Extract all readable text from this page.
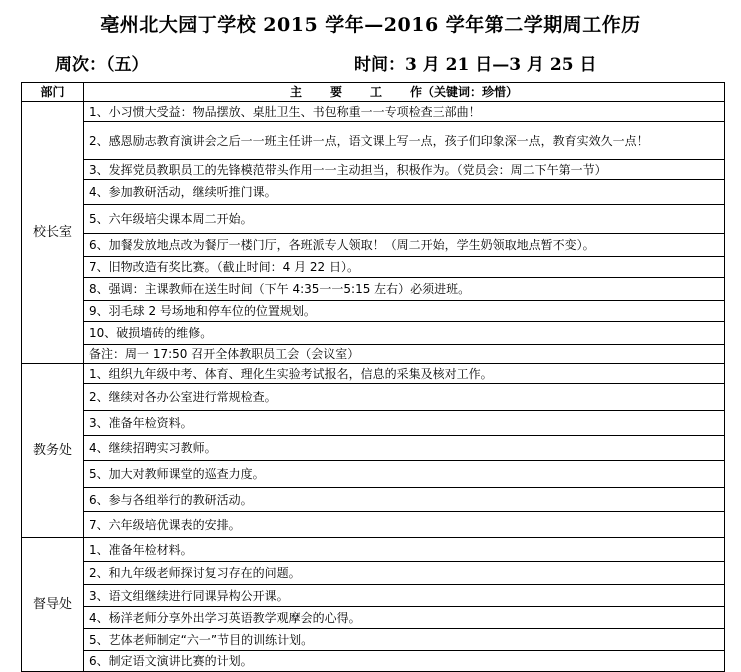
亳州北大园丁学校 2015 学年—2016 学年第二学期周工作历
周次：（五）	时间：3 月 21 日—3 月 25 日
部门	主 要 工 作（关键词：珍惜）
校长室	1、小习惯大受益：物品摆放、桌肚卫生、书包称重一一专项检查三部曲！
	2、感恩励志教育演讲会之后一一班主任讲一点，语文课上写一点，孩子们印象深一点，教育实效久一点！
	3、发挥党员教职员工的先锋模范带头作用一一主动担当，积极作为。（党员会：周二下午第一节）
	4、参加教研活动，继续听推门课。
	5、六年级培尖课本周二开始。
	6、加餐发放地点改为餐厅一楼门厅，各班派专人领取！（周二开始，学生奶领取地点暂不变）。
	7、旧物改造有奖比赛。（截止时间：4 月 22 日）。
	8、强调：主课教师在送生时间（下午 4:35一一5:15 左右）必须进班。
	9、羽毛球 2 号场地和停车位的位置规划。
	10、破损墙砖的维修。
	备注：周一 17:50 召开全体教职员工会（会议室）
教务处	1、组织九年级中考、体育、理化生实验考试报名，信息的采集及核对工作。
	2、继续对各办公室进行常规检查。
	3、准备年检资料。
	4、继续招聘实习教师。
	5、加大对教师课堂的巡查力度。
	6、参与各组举行的教研活动。
	7、六年级培优课表的安排。
督导处	1、准备年检材料。
	2、和九年级老师探讨复习存在的问题。
	3、语文组继续进行同课异构公开课。
	4、杨洋老师分享外出学习英语教学观摩会的心得。
	5、艺体老师制定“六一”节目的训练计划。
	6、制定语文演讲比赛的计划。
